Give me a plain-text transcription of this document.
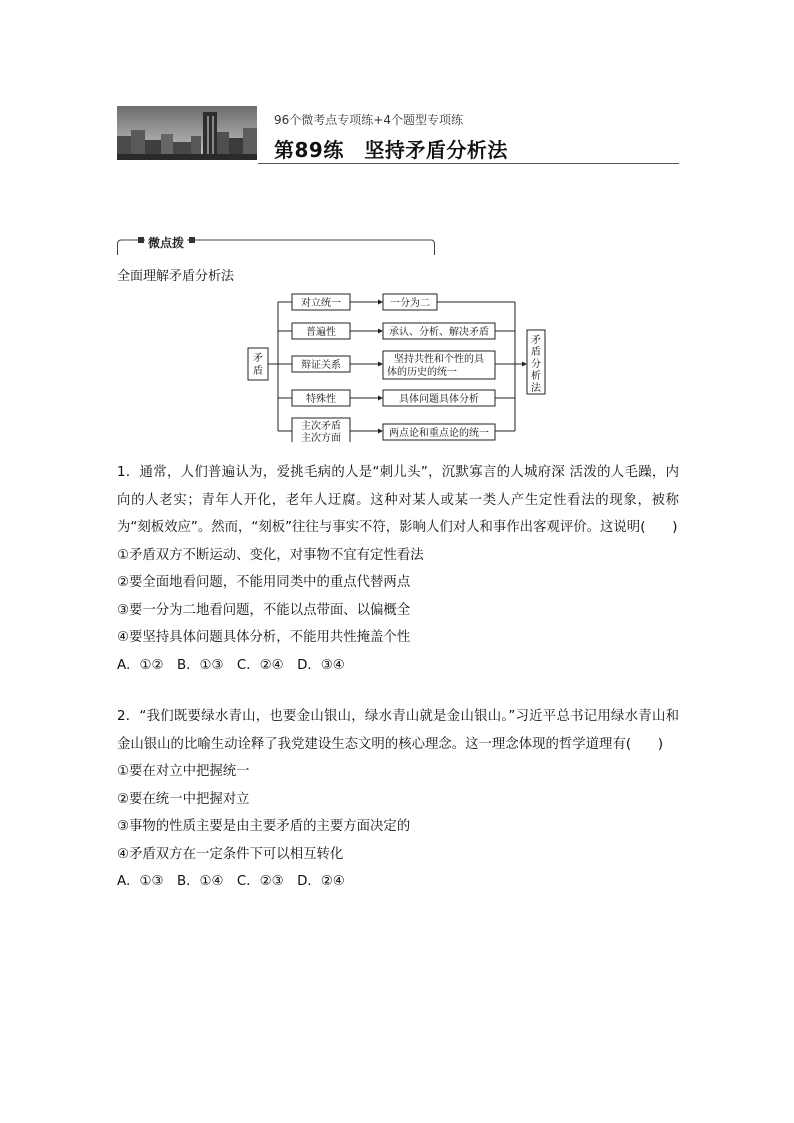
96个微考点专项练+4个题型专项练
第89练　坚持矛盾分析法
微点拨
全面理解矛盾分析法
矛
盾
对立统一
普遍性
辩证关系
特殊性
主次矛盾
主次方面
一分为二
承认、分析、解决矛盾
坚持共性和个性的具
体的历史的统一
具体问题具体分析
两点论和重点论的统一
矛
盾
分
析
法

1．通常，人们普遍认为，爱挑毛病的人是“刺儿头”，沉默寡言的人城府深 活泼的人毛躁，内向的人老实；青年人开化，老年人迂腐。这种对某人或某一类人产生定性看法的现象，被称为“刻板效应”。然而，“刻板”往往与事实不符，影响人们对人和事作出客观评价。这说明(　　)

①矛盾双方不断运动、变化，对事物不宜有定性看法

②要全面地看问题，不能用同类中的重点代替两点

③要一分为二地看问题，不能以点带面、以偏概全

④要坚持具体问题具体分析，不能用共性掩盖个性

A．①②　B．①③　C．②④　D．③④

2．“我们既要绿水青山，也要金山银山，绿水青山就是金山银山。”习近平总书记用绿水青山和金山银山的比喻生动诠释了我党建设生态文明的核心理念。这一理念体现的哲学道理有(　　)

①要在对立中把握统一

②要在统一中把握对立

③事物的性质主要是由主要矛盾的主要方面决定的

④矛盾双方在一定条件下可以相互转化

A．①③　B．①④　C．②③　D．②④
